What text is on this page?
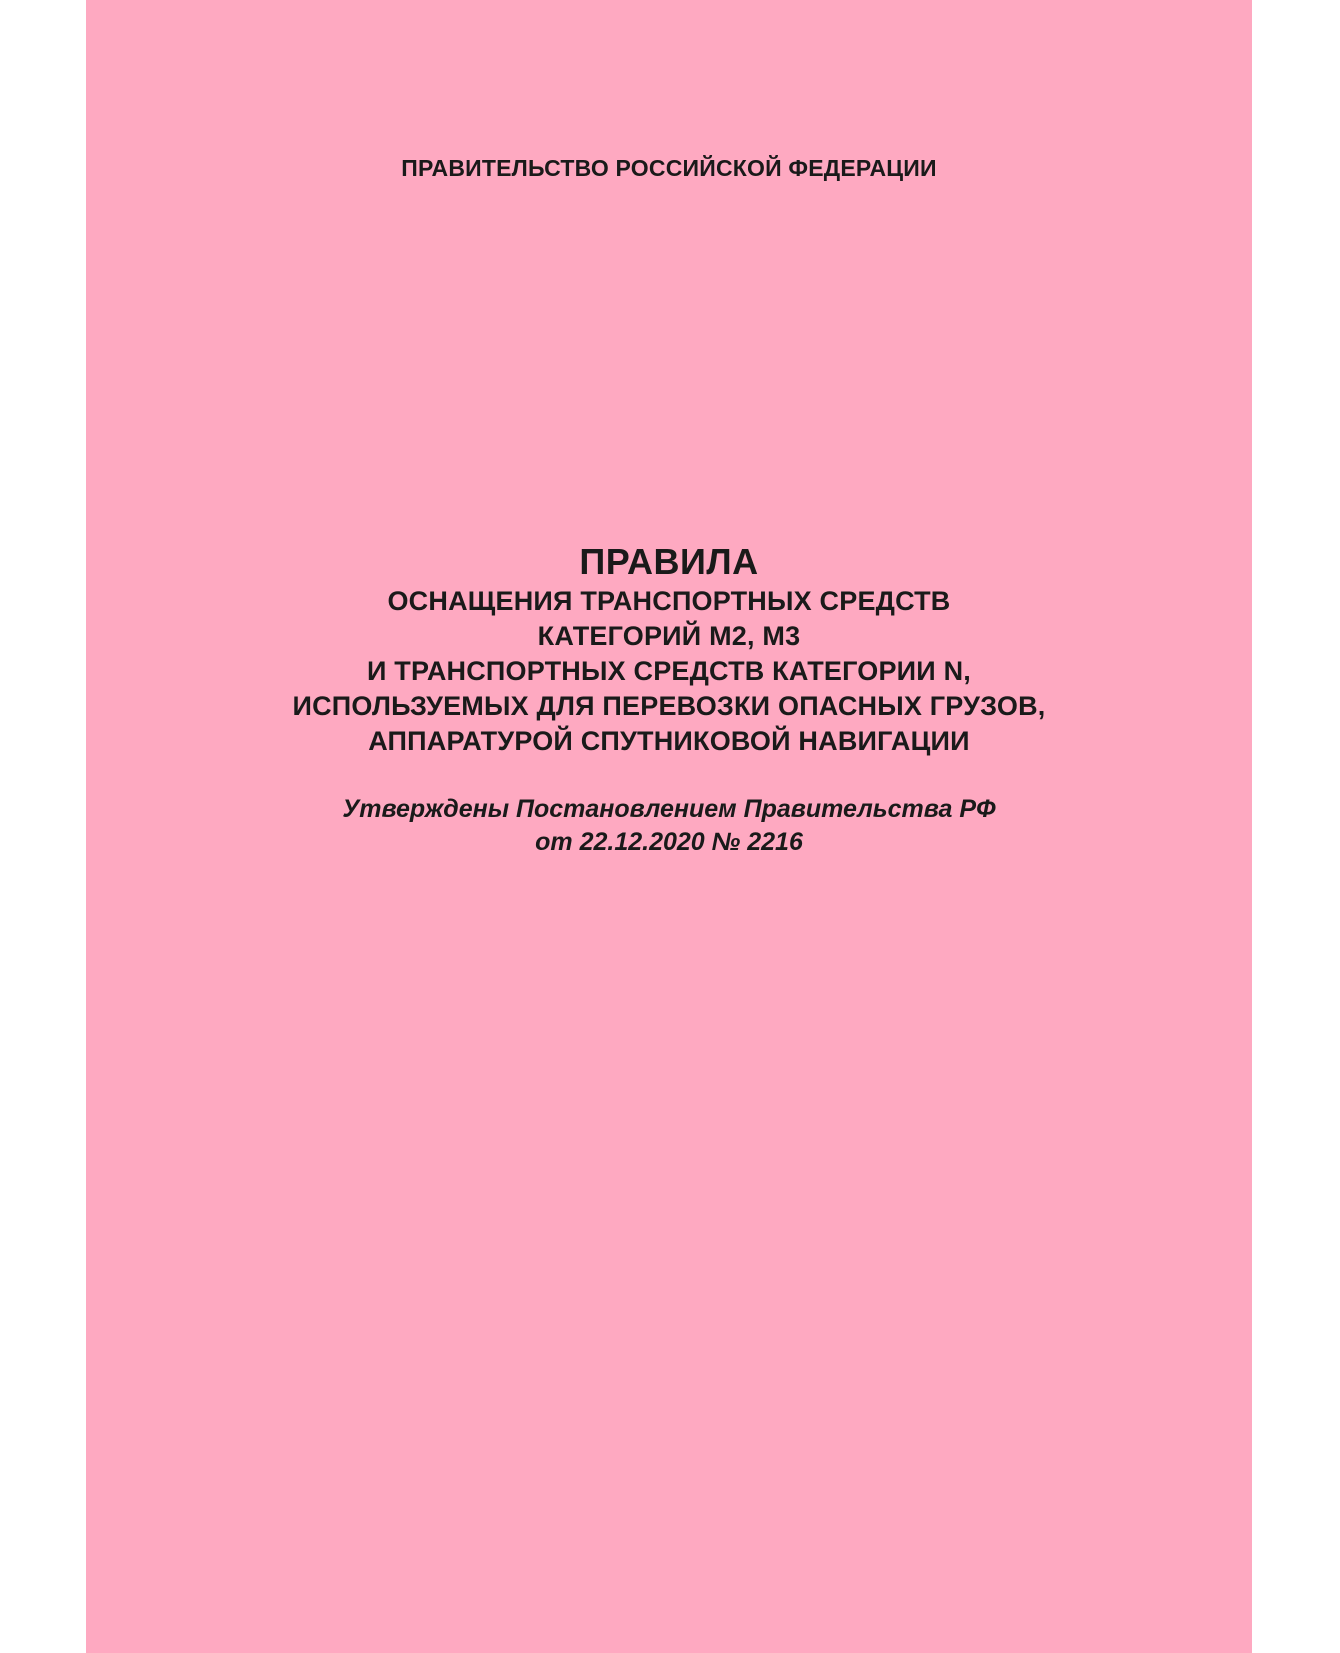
ПРАВИТЕЛЬСТВО РОССИЙСКОЙ ФЕДЕРАЦИИ
ПРАВИЛА
ОСНАЩЕНИЯ ТРАНСПОРТНЫХ СРЕДСТВ
КАТЕГОРИЙ M2, M3
И ТРАНСПОРТНЫХ СРЕДСТВ КАТЕГОРИИ N,
ИСПОЛЬЗУЕМЫХ ДЛЯ ПЕРЕВОЗКИ ОПАСНЫХ ГРУЗОВ,
АППАРАТУРОЙ СПУТНИКОВОЙ НАВИГАЦИИ
Утверждены Постановлением Правительства РФ
от 22.12.2020 № 2216
